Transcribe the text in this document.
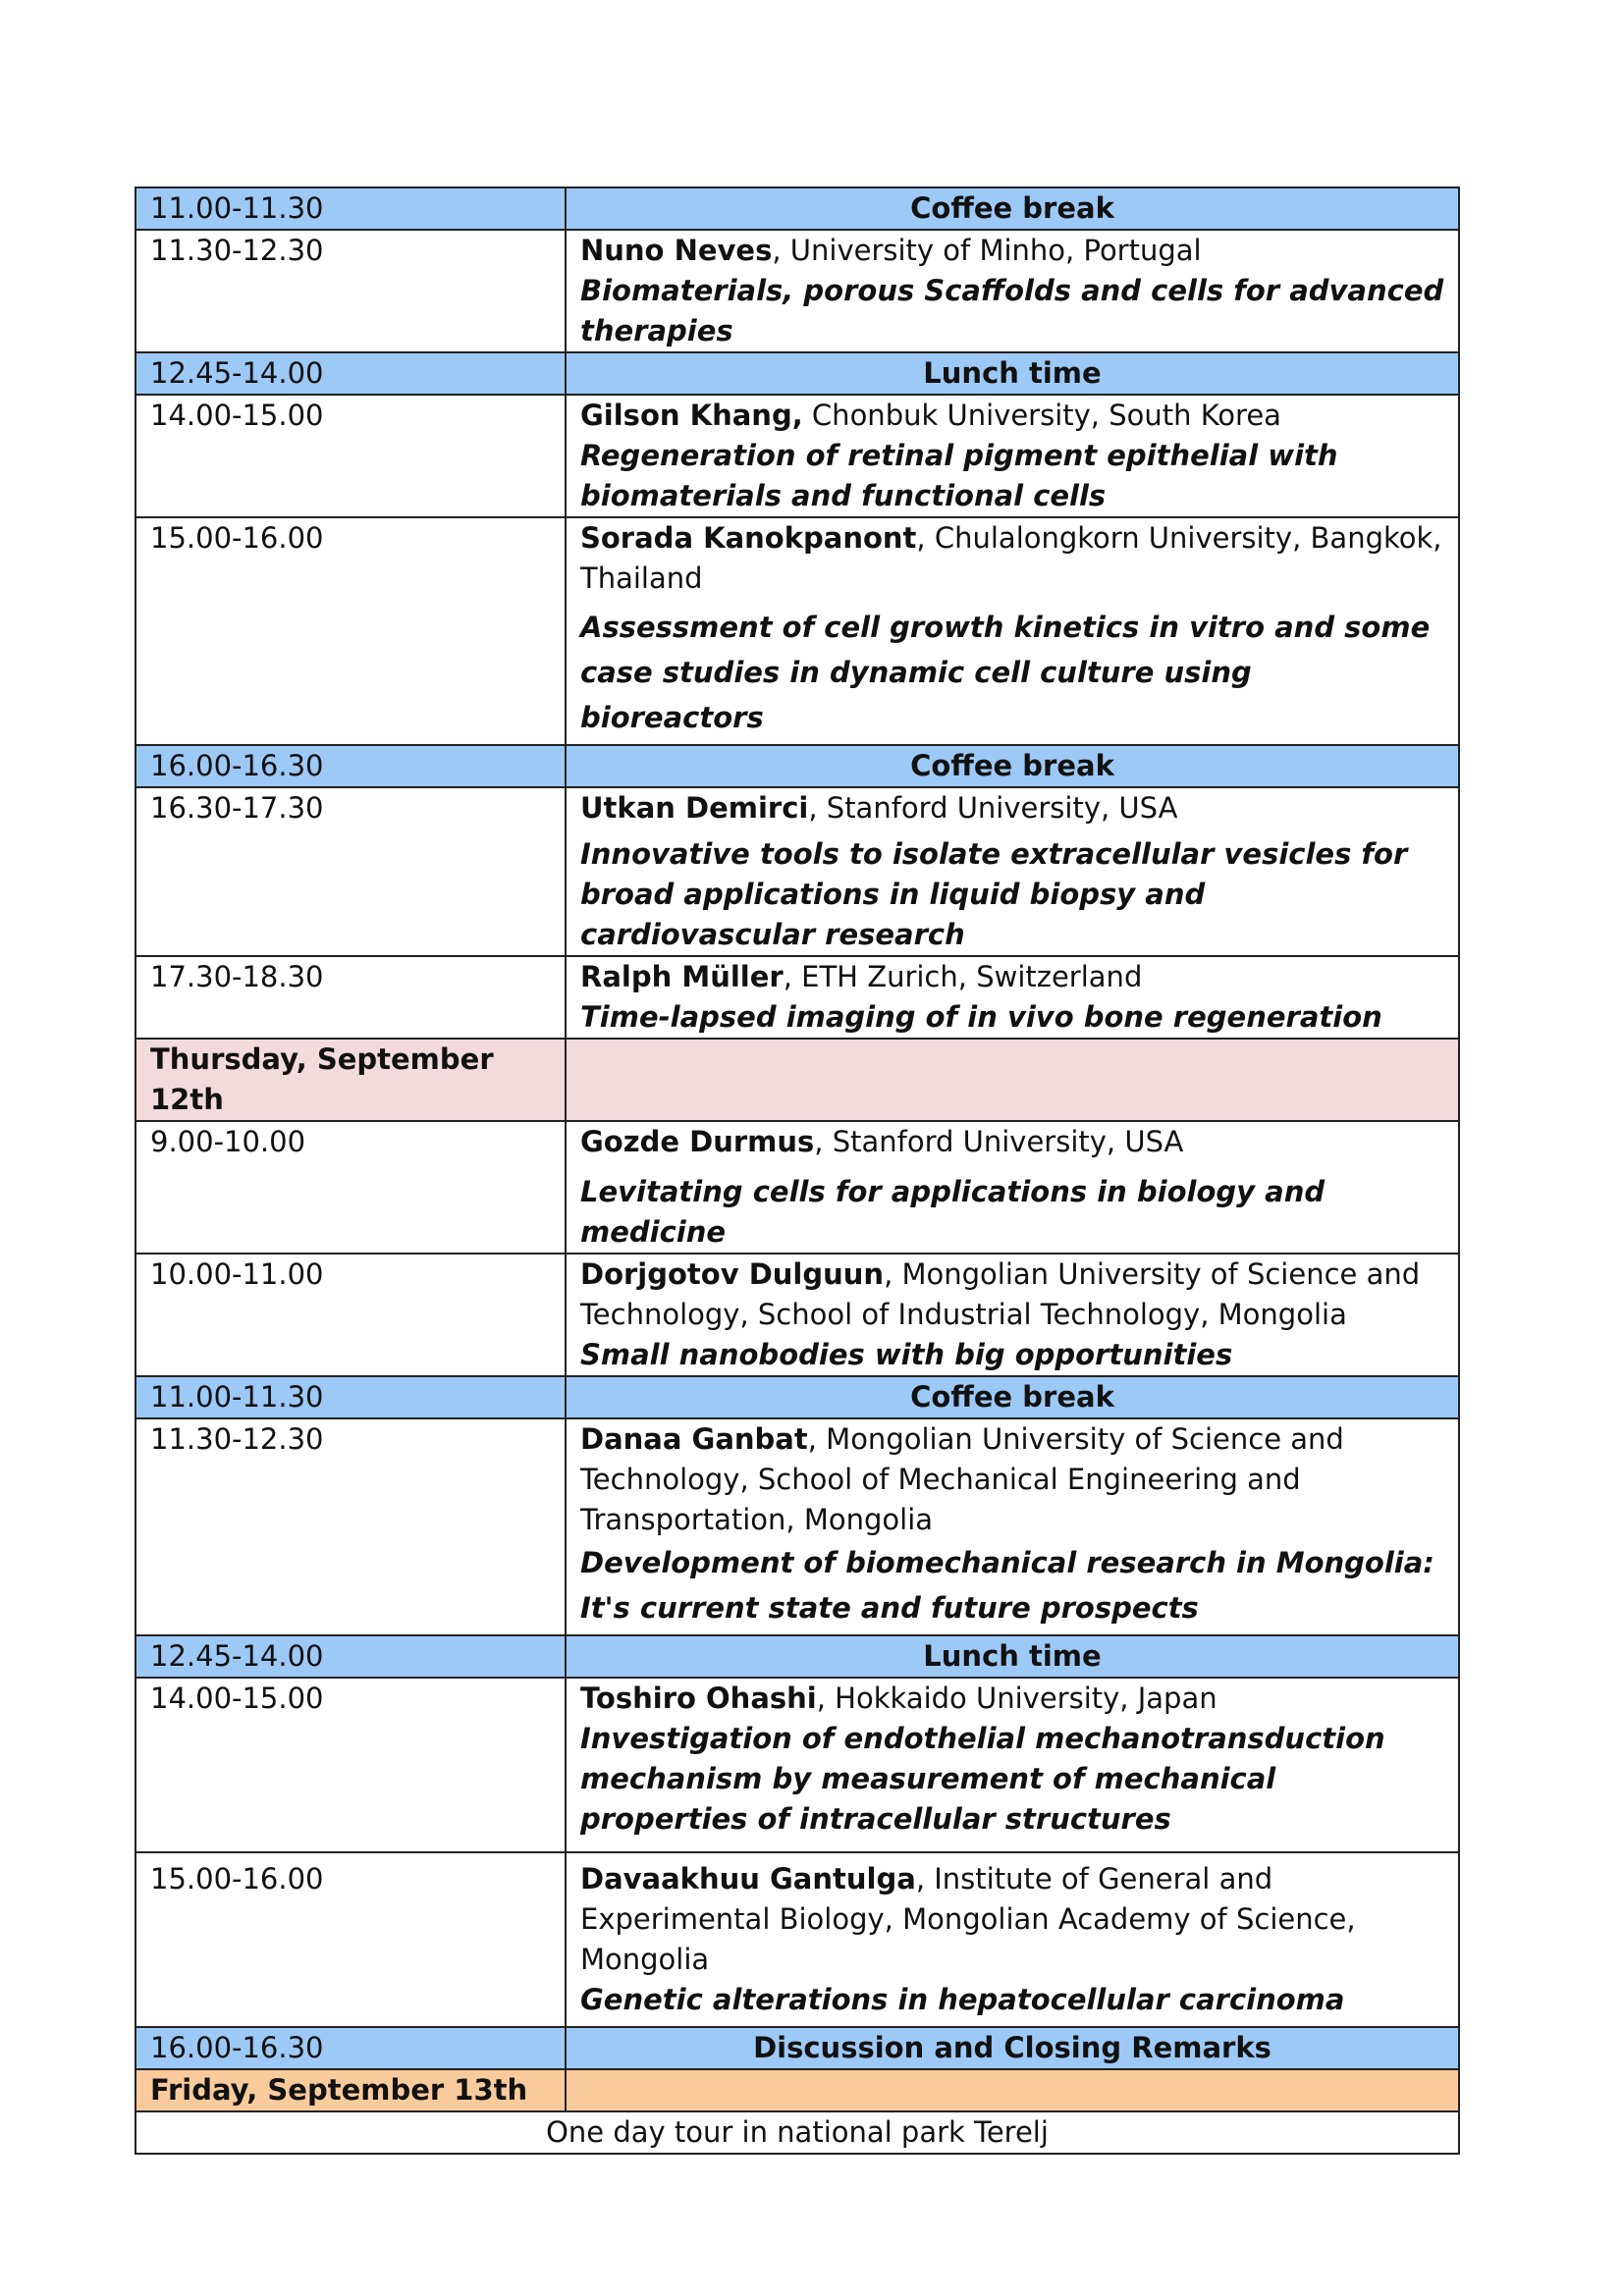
11.00-11.30	Coffee break
11.30-12.30	Nuno Neves, University of Minho, Portugal
Biomaterials, porous Scaffolds and cells for advanced therapies

12.45-14.00	Lunch time
14.00-15.00	Gilson Khang, Chonbuk University, South Korea
Regeneration of retinal pigment epithelial with biomaterials and functional cells

15.00-16.00	Sorada Kanokpanont, Chulalongkorn University, Bangkok, Thailand
Assessment of cell growth kinetics in vitro and some case studies in dynamic cell culture using bioreactors

16.00-16.30	Coffee break
16.30-17.30	Utkan Demirci, Stanford University, USA
Innovative tools to isolate extracellular vesicles for broad applications in liquid biopsy and cardiovascular research

17.30-18.30	Ralph Müller, ETH Zurich, Switzerland
Time-lapsed imaging of in vivo bone regeneration

Thursday, September 12th	
9.00-10.00	Gozde Durmus, Stanford University, USA
Levitating cells for applications in biology and medicine

10.00-11.00	Dorjgotov Dulguun, Mongolian University of Science and Technology, School of Industrial Technology, Mongolia
Small nanobodies with big opportunities

11.00-11.30	Coffee break
11.30-12.30	Danaa Ganbat, Mongolian University of Science and Technology, School of Mechanical Engineering and Transportation, Mongolia
Development of biomechanical research in Mongolia: It's current state and future prospects

12.45-14.00	Lunch time
14.00-15.00	Toshiro Ohashi, Hokkaido University, Japan
Investigation of endothelial mechanotransduction mechanism by measurement of mechanical properties of intracellular structures

15.00-16.00	Davaakhuu Gantulga, Institute of General and Experimental Biology, Mongolian Academy of Science, Mongolia
Genetic alterations in hepatocellular carcinoma

16.00-16.30	Discussion and Closing Remarks
Friday, September 13th	
One day tour in national park Terelj	
